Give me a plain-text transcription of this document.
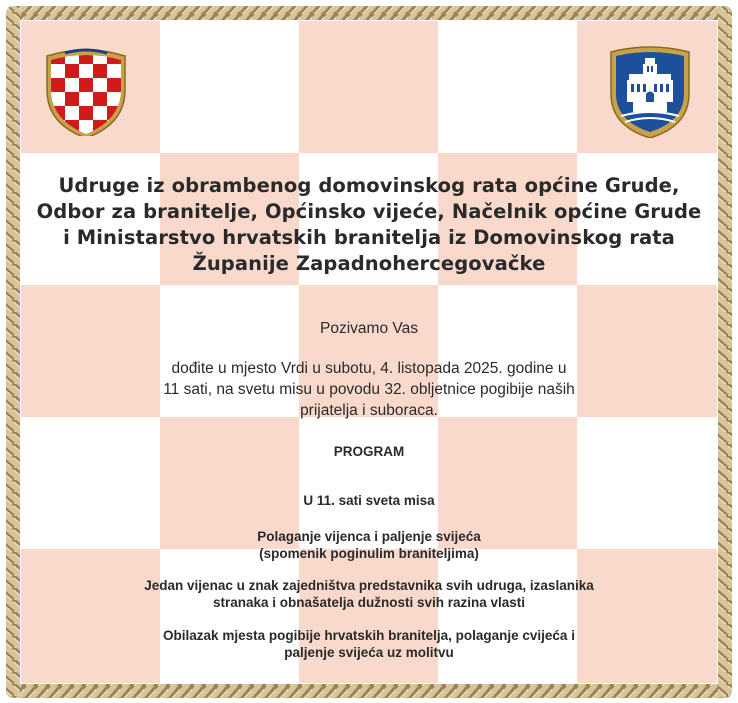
Udruge iz obrambenog domovinskog rata općine Grude,
Odbor za branitelje, Općinsko vijeće, Načelnik općine Grude
i Ministarstvo hrvatskih branitelja iz Domovinskog rata
Županije Zapadnohercegovačke
Pozivamo Vas
dođite u mjesto Vrdi u subotu, 4. listopada 2025. godine u
11 sati, na svetu misu u povodu 32. obljetnice pogibije naših
prijatelja i suboraca.
PROGRAM
U 11. sati sveta misa
Polaganje vijenca i paljenje svijeća
(spomenik poginulim braniteljima)
Jedan vijenac u znak zajedništva predstavnika svih udruga, izaslanika
stranaka i obnašatelja dužnosti svih razina vlasti
Obilazak mjesta pogibije hrvatskih branitelja, polaganje cvijeća i
paljenje svijeća uz molitvu
